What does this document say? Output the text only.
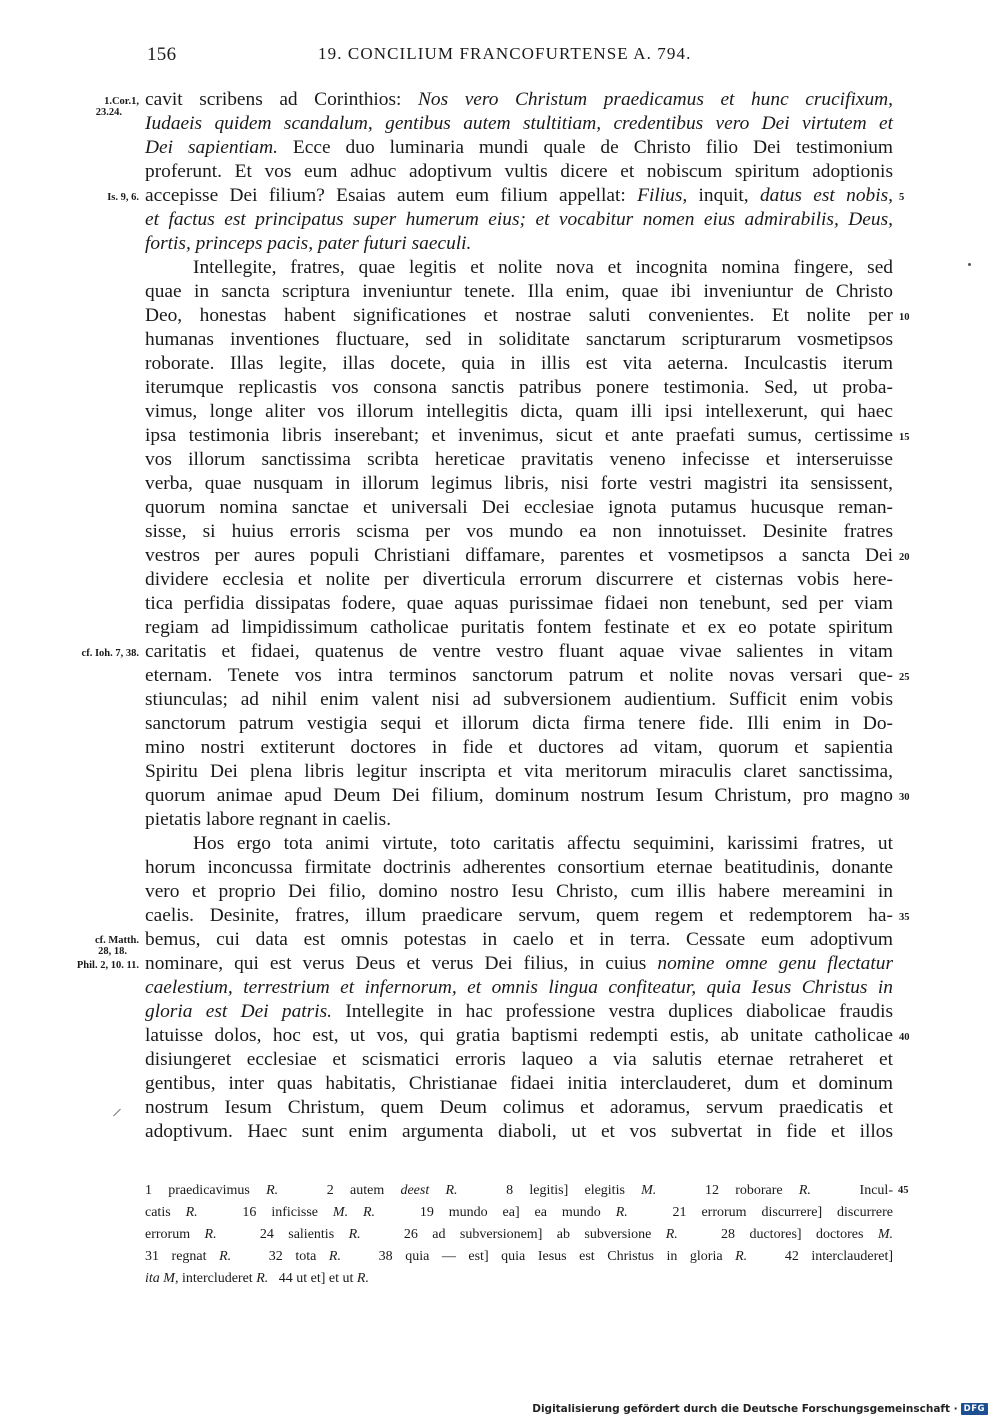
156	19. CONCILIUM FRANCOFURTENSE A. 794.
cavit scribens ad Corinthios: Nos vero Christum praedicamus et hunc crucifixum,
Iudaeis quidem scandalum, gentibus autem stultitiam, credentibus vero Dei virtutem et
Dei sapientiam. Ecce duo luminaria mundi quale de Christo filio Dei testimonium
proferunt. Et vos eum adhuc adoptivum vultis dicere et nobiscum spiritum adoptionis
accepisse Dei filium? Esaias autem eum filium appellat: Filius, inquit, datus est nobis,
et factus est principatus super humerum eius; et vocabitur nomen eius admirabilis, Deus,
fortis, princeps pacis, pater futuri saeculi.
Intellegite, fratres, quae legitis et nolite nova et incognita nomina fingere, sed
quae in sancta scriptura inveniuntur tenete. Illa enim, quae ibi inveniuntur de Christo
Deo, honestas habent significationes et nostrae saluti convenientes. Et nolite per
humanas inventiones fluctuare, sed in soliditate sanctarum scripturarum vosmetipsos
roborate. Illas legite, illas docete, quia in illis est vita aeterna. Inculcastis iterum
iterumque replicastis vos consona sanctis patribus ponere testimonia. Sed, ut proba-
vimus, longe aliter vos illorum intellegitis dicta, quam illi ipsi intellexerunt, qui haec
ipsa testimonia libris inserebant; et invenimus, sicut et ante praefati sumus, certissime
vos illorum sanctissima scribta hereticae pravitatis veneno infecisse et interseruisse
verba, quae nusquam in illorum legimus libris, nisi forte vestri magistri ita sensissent,
quorum nomina sanctae et universali Dei ecclesiae ignota putamus hucusque reman-
sisse, si huius erroris scisma per vos mundo ea non innotuisset. Desinite fratres
vestros per aures populi Christiani diffamare, parentes et vosmetipsos a sancta Dei
dividere ecclesia et nolite per diverticula errorum discurrere et cisternas vobis here-
tica perfidia dissipatas fodere, quae aquas purissimae fidaei non tenebunt, sed per viam
regiam ad limpidissimum catholicae puritatis fontem festinate et ex eo potate spiritum
caritatis et fidaei, quatenus de ventre vestro fluant aquae vivae salientes in vitam
eternam. Tenete vos intra terminos sanctorum patrum et nolite novas versari que-
stiunculas; ad nihil enim valent nisi ad subversionem audientium. Sufficit enim vobis
sanctorum patrum vestigia sequi et illorum dicta firma tenere fide. Illi enim in Do-
mino nostri extiterunt doctores in fide et ductores ad vitam, quorum et sapientia
Spiritu Dei plena libris legitur inscripta et vita meritorum miraculis claret sanctissima,
quorum animae apud Deum Dei filium, dominum nostrum Iesum Christum, pro magno
pietatis labore regnant in caelis.
Hos ergo tota animi virtute, toto caritatis affectu sequimini, karissimi fratres, ut
horum inconcussa firmitate doctrinis adherentes consortium eternae beatitudinis, donante
vero et proprio Dei filio, domino nostro Iesu Christo, cum illis habere mereamini in
caelis. Desinite, fratres, illum praedicare servum, quem regem et redemptorem ha-
bemus, cui data est omnis potestas in caelo et in terra. Cessate eum adoptivum
nominare, qui est verus Deus et verus Dei filius, in cuius nomine omne genu flectatur
caelestium, terrestrium et infernorum, et omnis lingua confiteatur, quia Iesus Christus in
gloria est Dei patris. Intellegite in hac professione vestra duplices diabolicae fraudis
latuisse dolos, hoc est, ut vos, qui gratia baptismi redempti estis, ab unitate catholicae
disiungeret ecclesiae et scismatici erroris laqueo a via salutis eternae retraheret et
gentibus, inter quas habitatis, Christianae fidaei initia interclauderet, dum et dominum
nostrum Iesum Christum, quem Deum colimus et adoramus, servum praedicatis et
adoptivum. Haec sunt enim argumenta diaboli, ut et vos subvertat in fide et illos
1.Cor.1,
23.24.
Is. 9, 6.
cf. Ioh. 7, 38.
cf. Matth.
28, 18.
Phil. 2, 10. 11.
5
10
15
20
25
30
35
40
1 praedicavimus R.   2 autem deest R.   8 legitis] elegitis M.   12 roborare R.   Incul-
catis R.   16 inficisse M. R.   19 mundo ea] ea mundo R.   21 errorum discurrere] discurrere
errorum R.   24 salientis R.   26 ad subversionem] ab subversione R.   28 ductores] doctores M.
31 regnat R.   32 tota R.   38 quia — est] quia Iesus est Christus in gloria R.   42 interclauderet]
ita M, intercluderet R.   44 ut et] et ut R.
45
Digitalisierung gefördert durch die Deutsche Forschungsgemeinschaft · DFG
